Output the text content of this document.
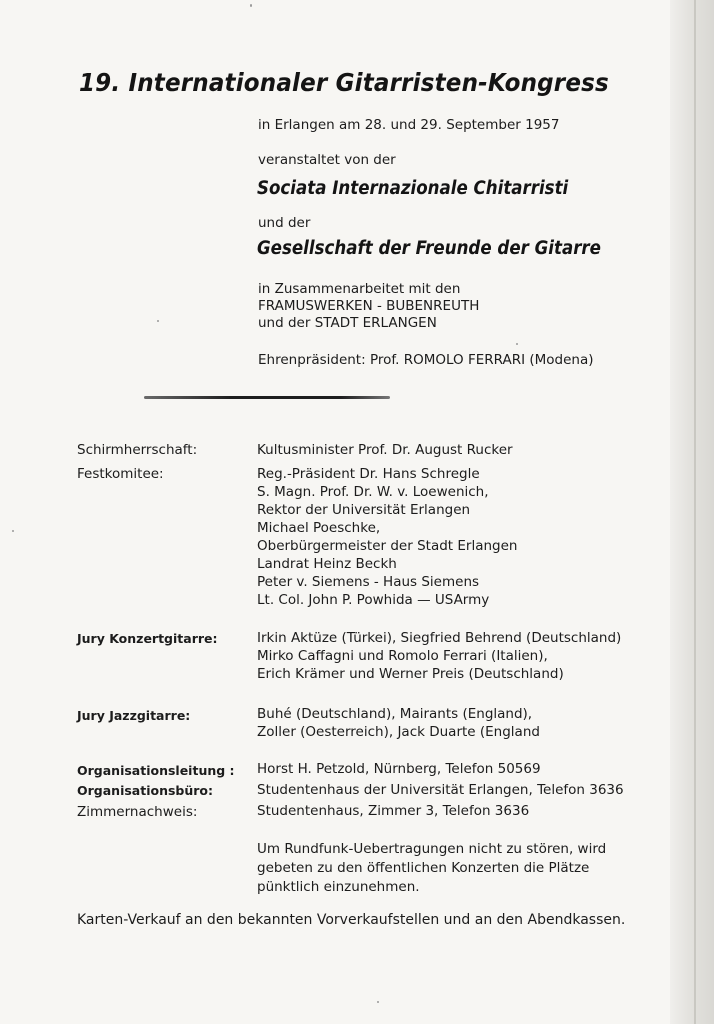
19. Internationaler Gitarristen-Kongress
in Erlangen am 28. und 29. September 1957
veranstaltet von der
Sociata Internazionale Chitarristi
und der
Gesellschaft der Freunde der Gitarre
in Zusammenarbeitet mit den
FRAMUSWERKEN - BUBENREUTH
und der STADT ERLANGEN
Ehrenpräsident: Prof. ROMOLO FERRARI (Modena)
Schirmherrschaft:	Kultusminister Prof. Dr. August Rucker
Festkomitee:	Reg.-Präsident Dr. Hans Schregle
S. Magn. Prof. Dr. W. v. Loewenich,
Rektor der Universität Erlangen
Michael Poeschke,
Oberbürgermeister der Stadt Erlangen
Landrat Heinz Beckh
Peter v. Siemens - Haus Siemens
Lt. Col. John P. Powhida — USArmy
Jury Konzertgitarre:	Irkin Aktüze (Türkei), Siegfried Behrend (Deutschland)
Mirko Caffagni und Romolo Ferrari (Italien),
Erich Krämer und Werner Preis (Deutschland)
Jury Jazzgitarre:	Buhé (Deutschland), Mairants (England),
Zoller (Oesterreich), Jack Duarte (England
Organisationsleitung : Horst H. Petzold, Nürnberg, Telefon 50569
Organisationsbüro:	Studentenhaus der Universität Erlangen, Telefon 3636
Zimmernachweis:	Studentenhaus, Zimmer 3, Telefon 3636
Um Rundfunk-Uebertragungen nicht zu stören, wird
gebeten zu den öffentlichen Konzerten die Plätze
pünktlich einzunehmen.
Karten-Verkauf an den bekannten Vorverkaufstellen und an den Abendkassen.
